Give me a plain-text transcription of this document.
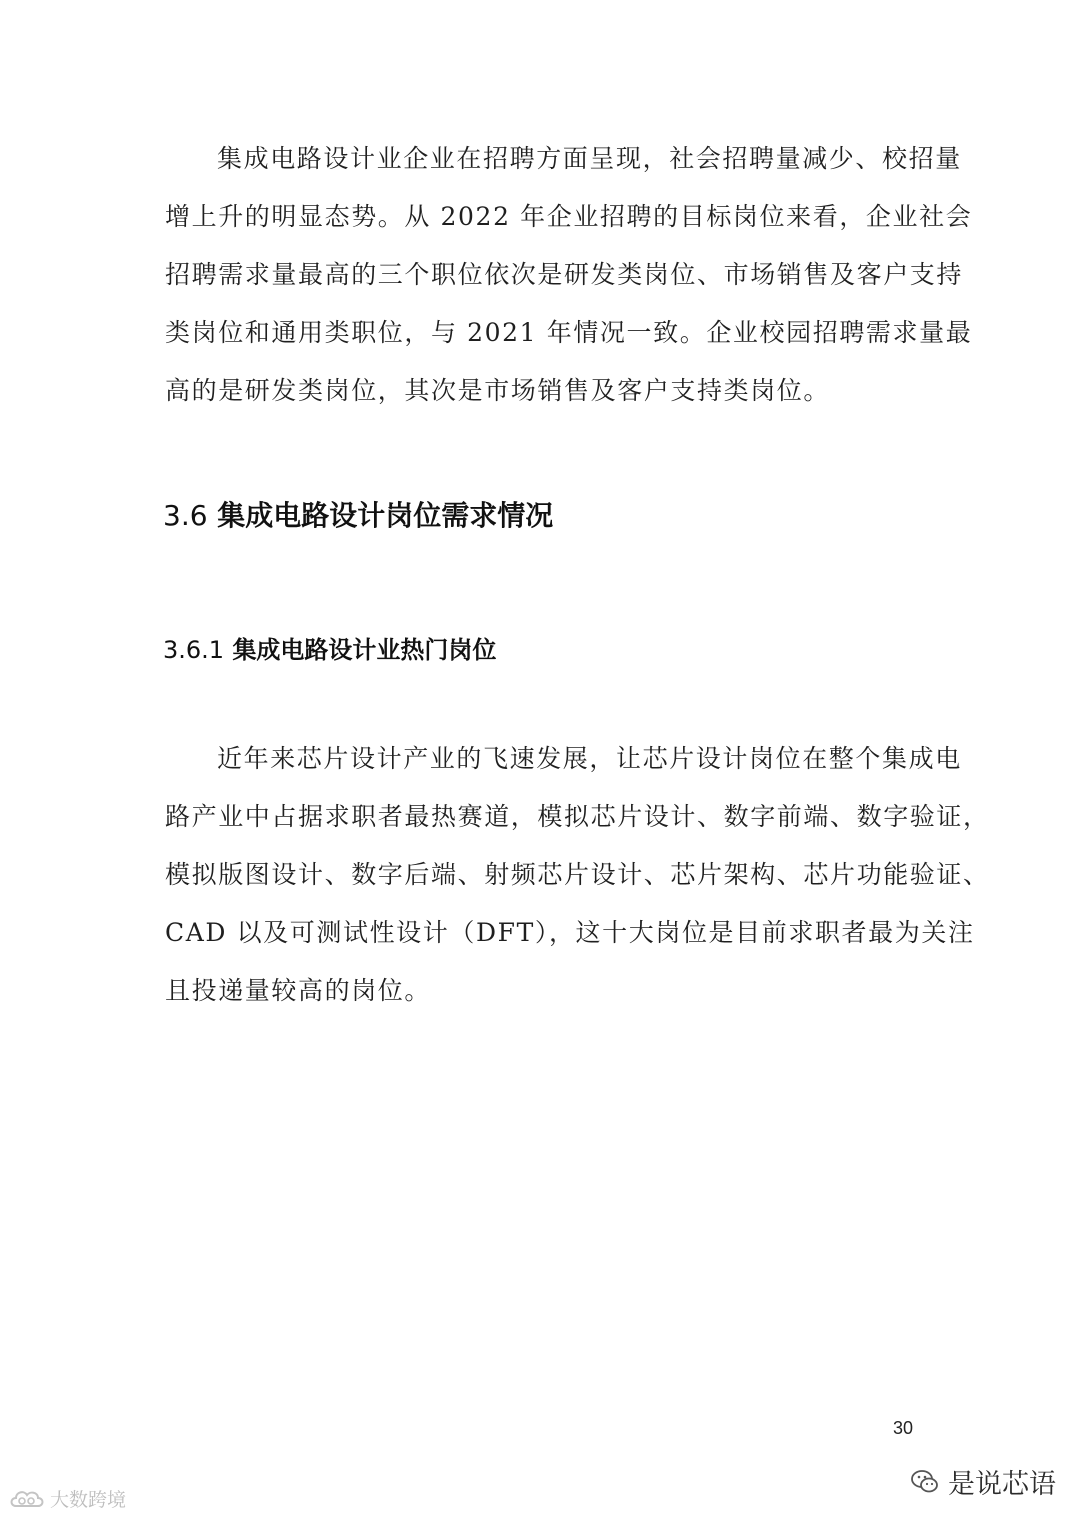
集成电路设计业企业在招聘方面呈现，社会招聘量减少、校招量
增上升的明显态势。从 2022 年企业招聘的目标岗位来看，企业社会
招聘需求量最高的三个职位依次是研发类岗位、市场销售及客户支持
类岗位和通用类职位，与 2021 年情况一致。企业校园招聘需求量最
高的是研发类岗位，其次是市场销售及客户支持类岗位。
3.6 集成电路设计岗位需求情况
3.6.1 集成电路设计业热门岗位
近年来芯片设计产业的飞速发展，让芯片设计岗位在整个集成电
路产业中占据求职者最热赛道，模拟芯片设计、数字前端、数字验证，
模拟版图设计、数字后端、射频芯片设计、芯片架构、芯片功能验证、
CAD 以及可测试性设计（DFT），这十大岗位是目前求职者最为关注
且投递量较高的岗位。
30
大数跨境	是说芯语
